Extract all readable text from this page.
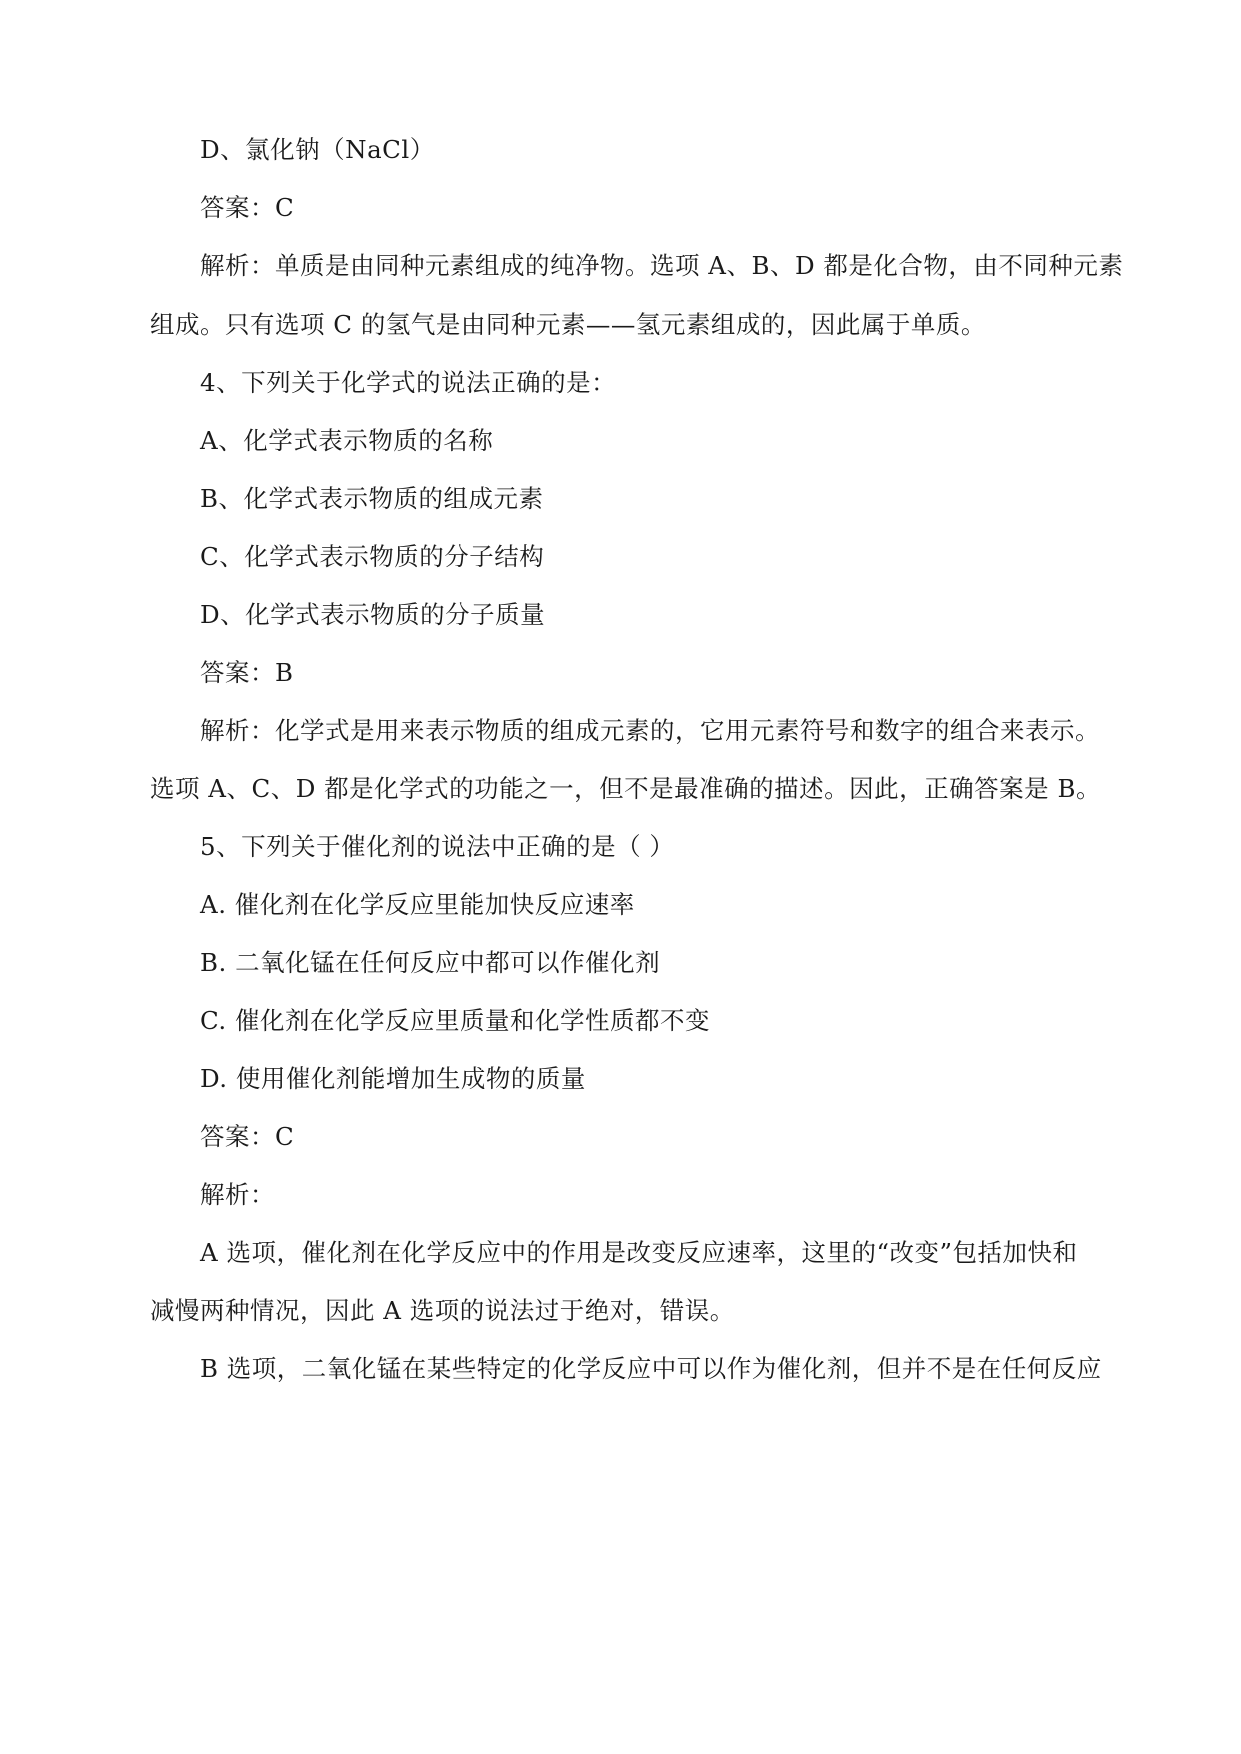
D、氯化钠（NaCl）
答案：C
解析：单质是由同种元素组成的纯净物。选项 A、B、D 都是化合物，由不同种元素
组成。只有选项 C 的氢气是由同种元素——氢元素组成的，因此属于单质。
4、下列关于化学式的说法正确的是：
A、化学式表示物质的名称
B、化学式表示物质的组成元素
C、化学式表示物质的分子结构
D、化学式表示物质的分子质量
答案：B
解析：化学式是用来表示物质的组成元素的，它用元素符号和数字的组合来表示。
选项 A、C、D 都是化学式的功能之一，但不是最准确的描述。因此，正确答案是 B。
5、下列关于催化剂的说法中正确的是（ ）
A. 催化剂在化学反应里能加快反应速率
B. 二氧化锰在任何反应中都可以作催化剂
C. 催化剂在化学反应里质量和化学性质都不变
D. 使用催化剂能增加生成物的质量
答案：C
解析：
A 选项，催化剂在化学反应中的作用是改变反应速率，这里的“改变”包括加快和
减慢两种情况，因此 A 选项的说法过于绝对，错误。
B 选项，二氧化锰在某些特定的化学反应中可以作为催化剂，但并不是在任何反应
